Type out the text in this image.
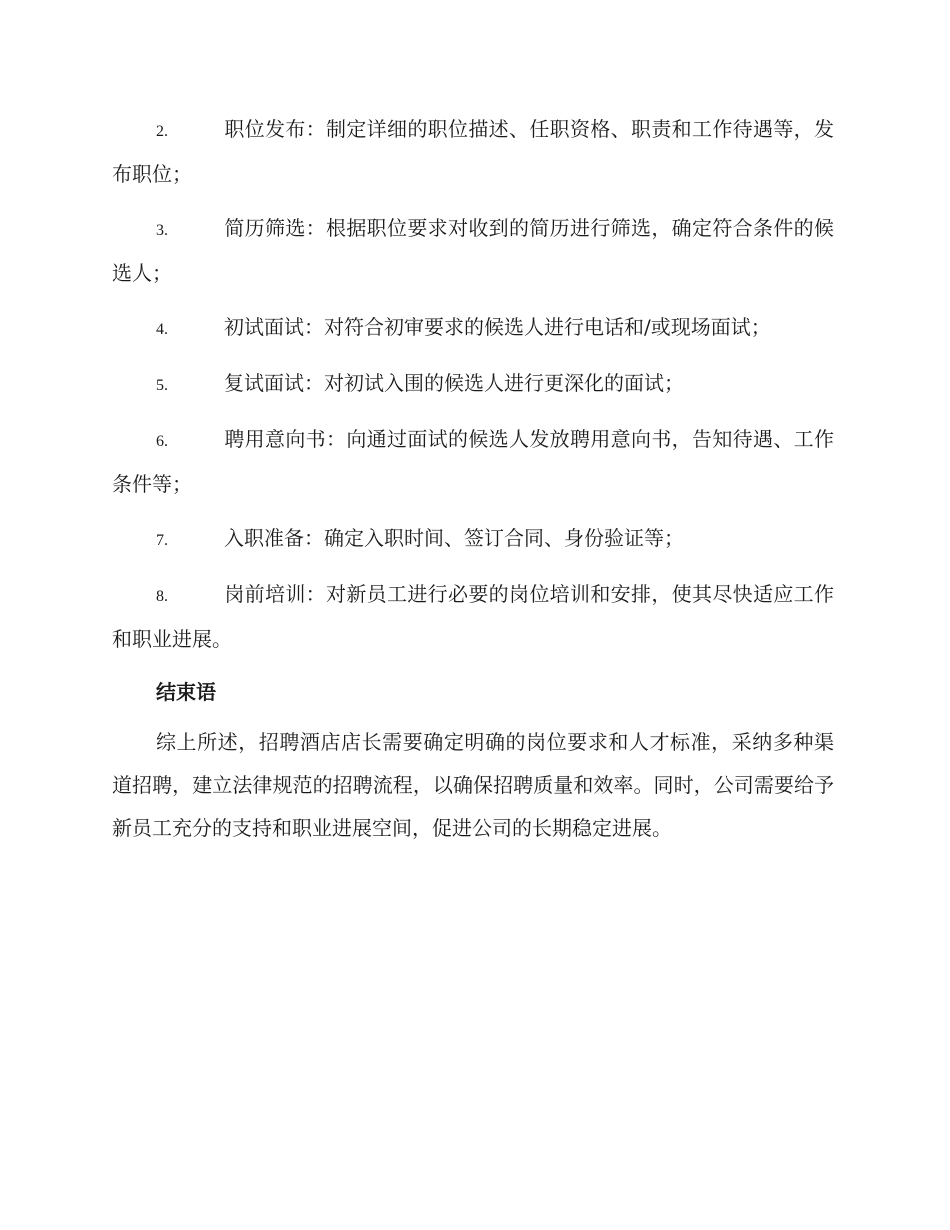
2.	职位发布：制定详细的职位描述、任职资格、职责和工作待遇等，发布职位；
3.	简历筛选：根据职位要求对收到的简历进行筛选，确定符合条件的候选人；
4.	初试面试：对符合初审要求的候选人进行电话和/或现场面试；
5.	复试面试：对初试入围的候选人进行更深化的面试；
6.	聘用意向书：向通过面试的候选人发放聘用意向书，告知待遇、工作条件等；
7.	入职准备：确定入职时间、签订合同、身份验证等；
8.	岗前培训：对新员工进行必要的岗位培训和安排，使其尽快适应工作和职业进展。
结束语

综上所述，招聘酒店店长需要确定明确的岗位要求和人才标准，采纳多种渠道招聘，建立法律规范的招聘流程，以确保招聘质量和效率。同时，公司需要给予新员工充分的支持和职业进展空间，促进公司的长期稳定进展。
